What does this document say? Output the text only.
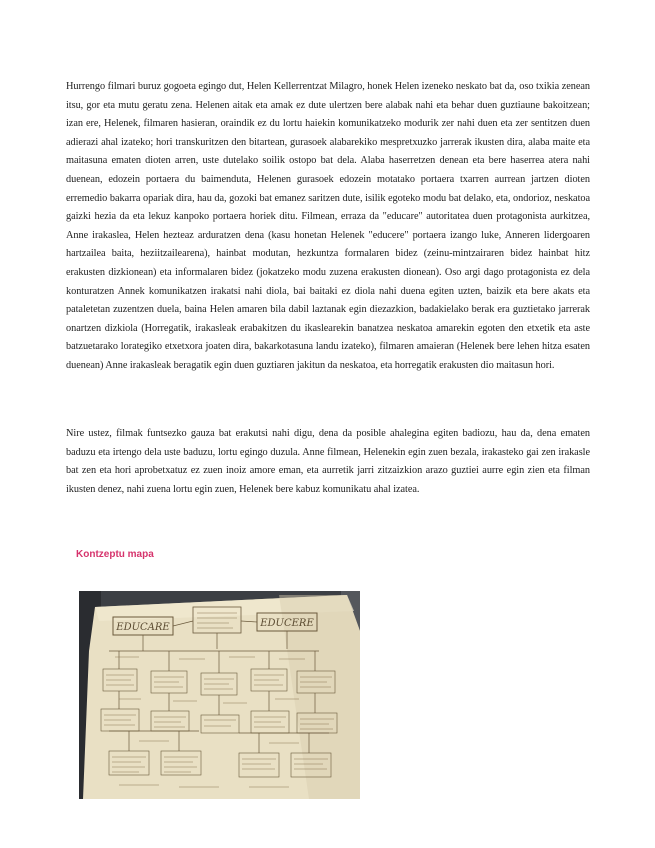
Hurrengo filmari buruz gogoeta egingo dut, Helen Kellerrentzat Milagro, honek Helen izeneko neskato bat da, oso txikia zenean itsu, gor eta mutu geratu zena. Helenen aitak eta amak ez dute ulertzen bere alabak nahi eta behar duen guztiaune bakoitzean; izan ere, Helenek, filmaren hasieran, oraindik ez du lortu haiekin komunikatzeko modurik zer nahi duen eta zer sentitzen duen adierazi ahal izateko; hori transkuritzen den bitartean, gurasoek alabarekiko mespretxuzko jarrerak ikusten dira, alaba maite eta maitasuna ematen dioten arren, uste dutelako soilik ostopo bat dela. Alaba haserretzen denean eta bere haserrea atera nahi duenean, edozein portaera du baimenduta, Helenen gurasoek edozein motatako portaera txarren aurrean jartzen dioten erremedio bakarra opariak dira, hau da, gozoki bat emanez saritzen dute, isilik egoteko modu bat delako, eta, ondorioz, neskatoa gaizki hezia da eta lekuz kanpoko portaera horiek ditu. Filmean, erraza da "educare" autoritatea duen protagonista aurkitzea, Anne irakaslea, Helen hezteaz arduratzen dena (kasu honetan Helenek "educere" portaera izango luke, Anneren lidergoaren hartzailea baita, heziitzailearena), hainbat modutan, hezkuntza formalaren bidez (zeinu-mintzairaren bidez hainbat hitz erakusten dizkionean) eta informalaren bidez (jokatzeko modu zuzena erakusten dionean). Oso argi dago protagonista ez dela konturatzen Annek komunikatzen irakatsi nahi diola, bai baitaki ez diola nahi duena egiten uzten, baizik eta bere akats eta pataletetan zuzentzen duela, baina Helen amaren bila dabil laztanak egin diezazkion, badakielako berak era guztietako jarrerak onartzen dizkiola (Horregatik, irakasleak erabakitzen du ikaslearekin banatzea neskatoa amarekin egoten den etxetik eta aste batzuetarako lorategiko etxetxora joaten dira, bakarkotasuna landu izateko), filmaren amaieran (Helenek bere lehen hitza esaten duenean) Anne irakasleak beragatik egin duen guztiaren jakitun da neskatoa, eta horregatik erakusten dio maitasun hori.

Nire ustez, filmak funtsezko gauza bat erakutsi nahi digu, dena da posible ahalegina egiten badiozu, hau da, dena ematen baduzu eta irtengo dela uste baduzu, lortu egingo duzula. Anne filmean, Helenekin egin zuen bezala, irakasteko gai zen irakasle bat zen eta hori aprobetxatuz ez zuen inoiz amore eman, eta aurretik jarri zitzaizkion arazo guztiei aurre egin zien eta filman ikusten denez, nahi zuena lortu egin zuen, Helenek bere kabuz komunikatu ahal izatea.

Kontzeptu mapa
EDUCARE	EDUCERE
